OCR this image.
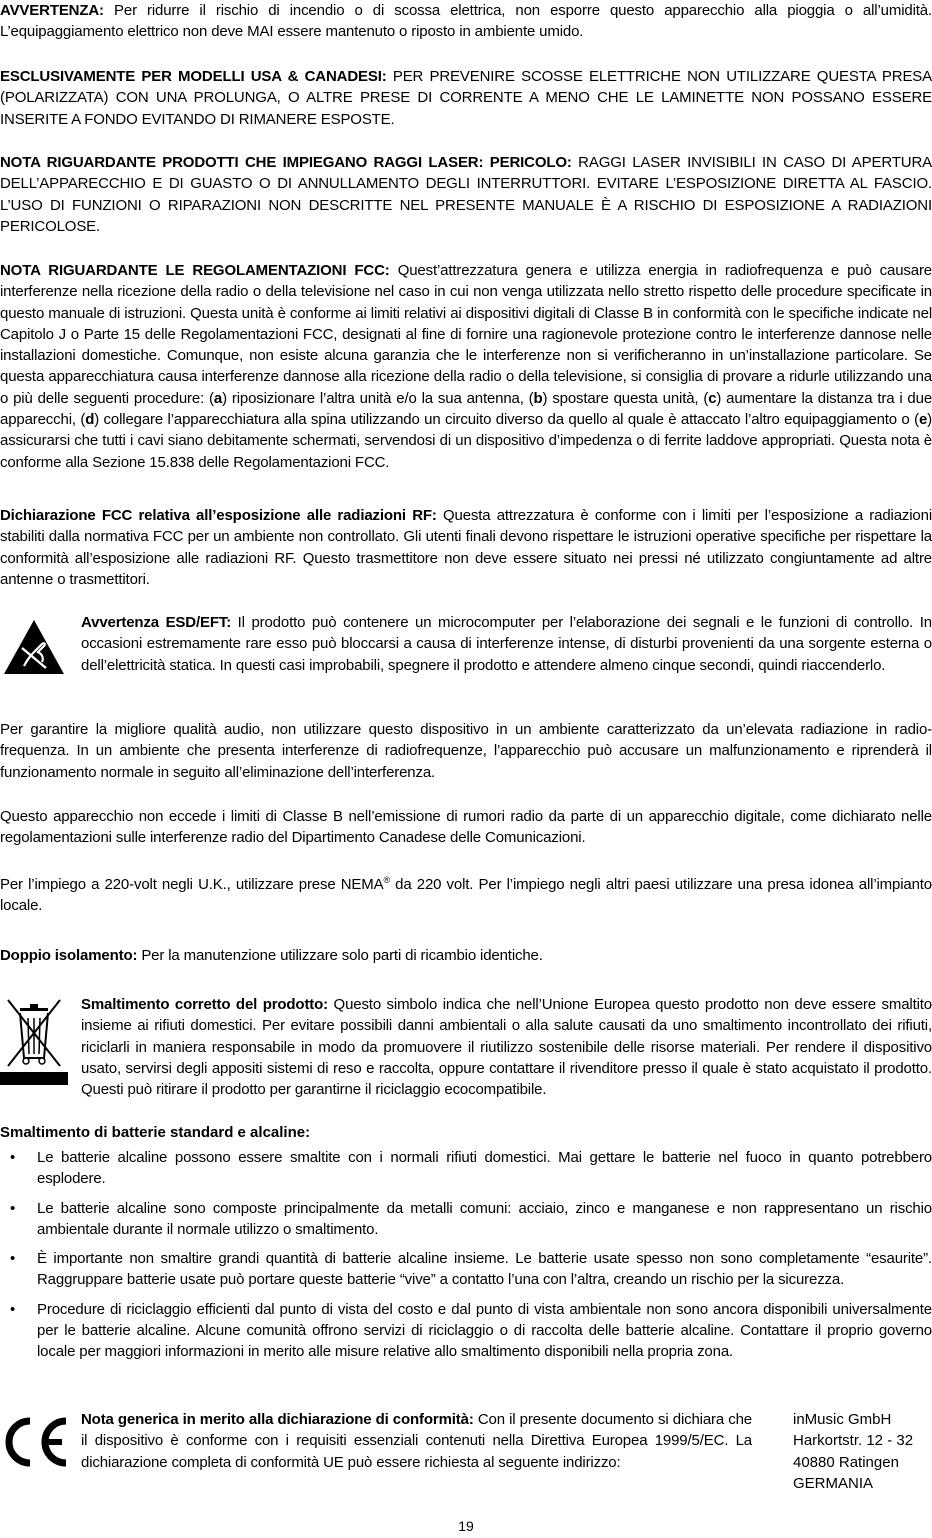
AVVERTENZA: Per ridurre il rischio di incendio o di scossa elettrica, non esporre questo apparecchio alla pioggia o all’umidità. L’equipaggiamento elettrico non deve MAI essere mantenuto o riposto in ambiente umido.

ESCLUSIVAMENTE PER MODELLI USA & CANADESI: PER PREVENIRE SCOSSE ELETTRICHE NON UTILIZZARE QUESTA PRESA (POLARIZZATA) CON UNA PROLUNGA, O ALTRE PRESE DI CORRENTE A MENO CHE LE LAMINETTE NON POSSANO ESSERE INSERITE A FONDO EVITANDO DI RIMANERE ESPOSTE.

NOTA RIGUARDANTE PRODOTTI CHE IMPIEGANO RAGGI LASER: PERICOLO: RAGGI LASER INVISIBILI IN CASO DI APERTURA DELL’APPARECCHIO E DI GUASTO O DI ANNULLAMENTO DEGLI INTERRUTTORI. EVITARE L’ESPOSIZIONE DIRETTA AL FASCIO. L’USO DI FUNZIONI O RIPARAZIONI NON DESCRITTE NEL PRESENTE MANUALE È A RISCHIO DI ESPOSIZIONE A RADIAZIONI PERICOLOSE.

NOTA RIGUARDANTE LE REGOLAMENTAZIONI FCC: Quest’attrezzatura genera e utilizza energia in radiofrequenza e può causare interferenze nella ricezione della radio o della televisione nel caso in cui non venga utilizzata nello stretto rispetto delle procedure specificate in questo manuale di istruzioni. Questa unità è conforme ai limiti relativi ai dispositivi digitali di Classe B in conformità con le specifiche indicate nel Capitolo J o Parte 15 delle Regolamentazioni FCC, designati al fine di fornire una ragionevole protezione contro le interferenze dannose nelle installazioni domestiche. Comunque, non esiste alcuna garanzia che le interferenze non si verificheranno in un’installazione particolare. Se questa apparecchiatura causa interferenze dannose alla ricezione della radio o della televisione, si consiglia di provare a ridurle utilizzando una o più delle seguenti procedure: (a) riposizionare l’altra unità e/o la sua antenna, (b) spostare questa unità, (c) aumentare la distanza tra i due apparecchi, (d) collegare l’apparecchiatura alla spina utilizzando un circuito diverso da quello al quale è attaccato l’altro equipaggiamento o (e) assicurarsi che tutti i cavi siano debitamente schermati, servendosi di un dispositivo d’impedenza o di ferrite laddove appropriati. Questa nota è conforme alla Sezione 15.838 delle Regolamentazioni FCC.

Dichiarazione FCC relativa all’esposizione alle radiazioni RF: Questa attrezzatura è conforme con i limiti per l’esposizione a radiazioni stabiliti dalla normativa FCC per un ambiente non controllato. Gli utenti finali devono rispettare le istruzioni operative specifiche per rispettare la conformità all’esposizione alle radiazioni RF. Questo trasmettitore non deve essere situato nei pressi né utilizzato congiuntamente ad altre antenne o trasmettitori.

Avvertenza ESD/EFT: Il prodotto può contenere un microcomputer per l’elaborazione dei segnali e le funzioni di controllo. In occasioni estremamente rare esso può bloccarsi a causa di interferenze intense, di disturbi provenienti da una sorgente esterna o dell’elettricità statica. In questi casi improbabili, spegnere il prodotto e attendere almeno cinque secondi, quindi riaccenderlo.

Per garantire la migliore qualità audio, non utilizzare questo dispositivo in un ambiente caratterizzato da un’elevata radiazione in radio-frequenza. In un ambiente che presenta interferenze di radiofrequenze, l’apparecchio può accusare un malfunzionamento e riprenderà il funzionamento normale in seguito all’eliminazione dell’interferenza.

Questo apparecchio non eccede i limiti di Classe B nell’emissione di rumori radio da parte di un apparecchio digitale, come dichiarato nelle regolamentazioni sulle interferenze radio del Dipartimento Canadese delle Comunicazioni.

Per l’impiego a 220-volt negli U.K., utilizzare prese NEMA® da 220 volt. Per l’impiego negli altri paesi utilizzare una presa idonea all’impianto locale.

Doppio isolamento: Per la manutenzione utilizzare solo parti di ricambio identiche.

Smaltimento corretto del prodotto: Questo simbolo indica che nell’Unione Europea questo prodotto non deve essere smaltito insieme ai rifiuti domestici. Per evitare possibili danni ambientali o alla salute causati da uno smaltimento incontrollato dei rifiuti, riciclarli in maniera responsabile in modo da promuovere il riutilizzo sostenibile delle risorse materiali. Per rendere il dispositivo usato, servirsi degli appositi sistemi di reso e raccolta, oppure contattare il rivenditore presso il quale è stato acquistato il prodotto. Questi può ritirare il prodotto per garantirne il riciclaggio ecocompatibile.

Smaltimento di batterie standard e alcaline:
• Le batterie alcaline possono essere smaltite con i normali rifiuti domestici. Mai gettare le batterie nel fuoco in quanto potrebbero esplodere.
• Le batterie alcaline sono composte principalmente da metalli comuni: acciaio, zinco e manganese e non rappresentano un rischio ambientale durante il normale utilizzo o smaltimento.
• È importante non smaltire grandi quantità di batterie alcaline insieme. Le batterie usate spesso non sono completamente “esaurite”. Raggruppare batterie usate può portare queste batterie “vive” a contatto l’una con l’altra, creando un rischio per la sicurezza.
• Procedure di riciclaggio efficienti dal punto di vista del costo e dal punto di vista ambientale non sono ancora disponibili universalmente per le batterie alcaline. Alcune comunità offrono servizi di riciclaggio o di raccolta delle batterie alcaline. Contattare il proprio governo locale per maggiori informazioni in merito alle misure relative allo smaltimento disponibili nella propria zona.

Nota generica in merito alla dichiarazione di conformità: Con il presente documento si dichiara che il dispositivo è conforme con i requisiti essenziali contenuti nella Direttiva Europea 1999/5/EC. La dichiarazione completa di conformità UE può essere richiesta al seguente indirizzo:

inMusic GmbH
Harkortstr. 12 - 32
40880 Ratingen
GERMANIA
19
